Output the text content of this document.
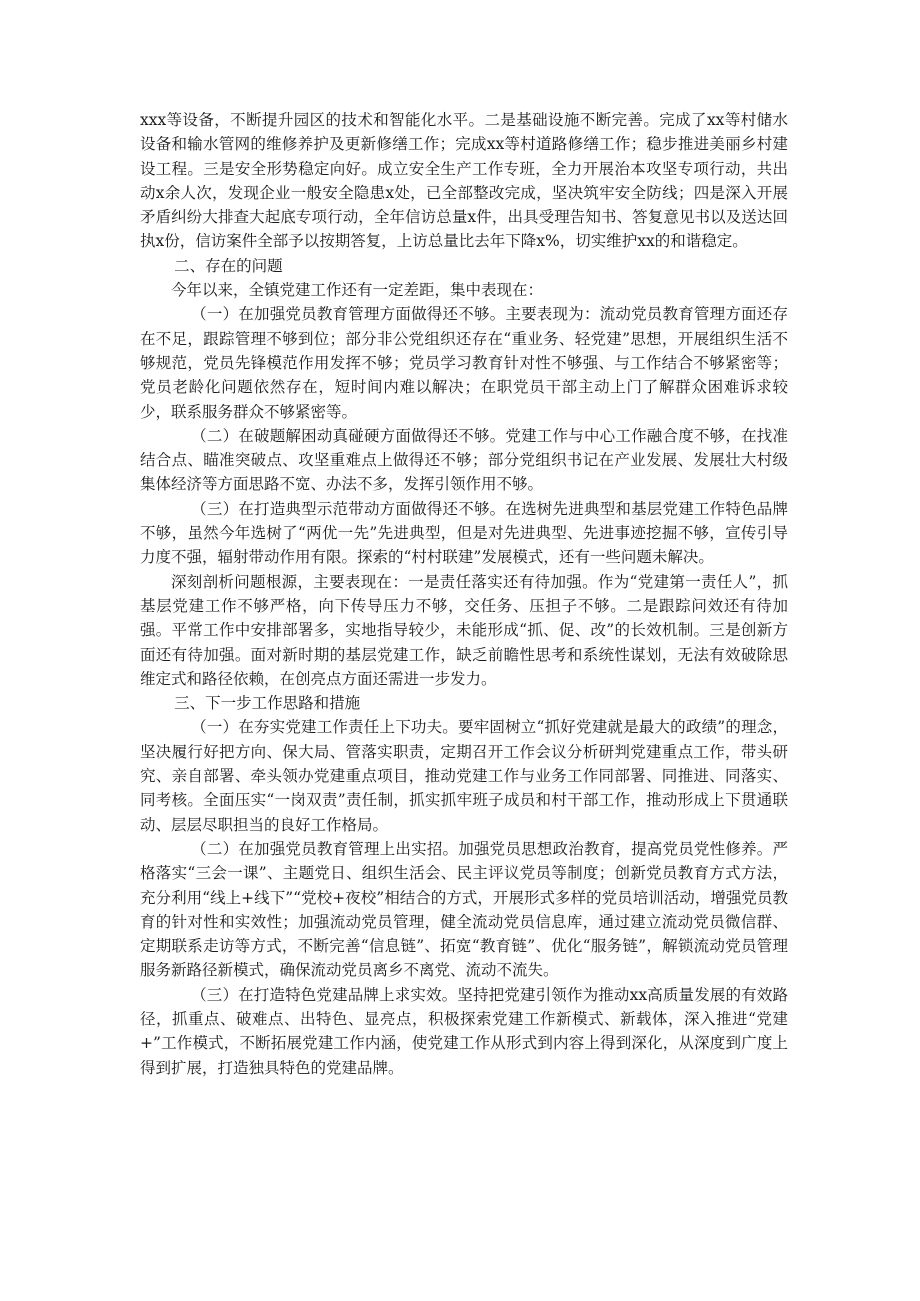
xxx等设备，不断提升园区的技术和智能化水平。二是基础设施不断完善。完成了xx等村储水设备和输水管网的维修养护及更新修缮工作；完成xx等村道路修缮工作；稳步推进美丽乡村建设工程。三是安全形势稳定向好。成立安全生产工作专班，全力开展治本攻坚专项行动，共出动x余人次，发现企业一般安全隐患x处，已全部整改完成，坚决筑牢安全防线；四是深入开展矛盾纠纷大排查大起底专项行动，全年信访总量x件，出具受理告知书、答复意见书以及送达回执x份，信访案件全部予以按期答复，上访总量比去年下降x%，切实维护xx的和谐稳定。

二、存在的问题

今年以来，全镇党建工作还有一定差距，集中表现在：

（一）在加强党员教育管理方面做得还不够。主要表现为：流动党员教育管理方面还存在不足，跟踪管理不够到位；部分非公党组织还存在“重业务、轻党建”思想，开展组织生活不够规范，党员先锋模范作用发挥不够；党员学习教育针对性不够强、与工作结合不够紧密等；党员老龄化问题依然存在，短时间内难以解决；在职党员干部主动上门了解群众困难诉求较少，联系服务群众不够紧密等。

（二）在破题解困动真碰硬方面做得还不够。党建工作与中心工作融合度不够，在找准结合点、瞄准突破点、攻坚重难点上做得还不够；部分党组织书记在产业发展、发展壮大村级集体经济等方面思路不宽、办法不多，发挥引领作用不够。

（三）在打造典型示范带动方面做得还不够。在选树先进典型和基层党建工作特色品牌不够，虽然今年选树了“两优一先”先进典型，但是对先进典型、先进事迹挖掘不够，宣传引导力度不强，辐射带动作用有限。探索的“村村联建”发展模式，还有一些问题未解决。

深刻剖析问题根源，主要表现在：一是责任落实还有待加强。作为“党建第一责任人”，抓基层党建工作不够严格，向下传导压力不够，交任务、压担子不够。二是跟踪问效还有待加强。平常工作中安排部署多，实地指导较少，未能形成“抓、促、改”的长效机制。三是创新方面还有待加强。面对新时期的基层党建工作，缺乏前瞻性思考和系统性谋划，无法有效破除思维定式和路径依赖，在创亮点方面还需进一步发力。

三、下一步工作思路和措施

（一）在夯实党建工作责任上下功夫。要牢固树立“抓好党建就是最大的政绩”的理念，坚决履行好把方向、保大局、管落实职责，定期召开工作会议分析研判党建重点工作，带头研究、亲自部署、牵头领办党建重点项目，推动党建工作与业务工作同部署、同推进、同落实、同考核。全面压实“一岗双责”责任制，抓实抓牢班子成员和村干部工作，推动形成上下贯通联动、层层尽职担当的良好工作格局。

（二）在加强党员教育管理上出实招。加强党员思想政治教育，提高党员党性修养。严格落实“三会一课”、主题党日、组织生活会、民主评议党员等制度；创新党员教育方式方法，充分利用“线上+线下”“党校+夜校”相结合的方式，开展形式多样的党员培训活动，增强党员教育的针对性和实效性；加强流动党员管理，健全流动党员信息库，通过建立流动党员微信群、定期联系走访等方式，不断完善“信息链”、拓宽“教育链”、优化“服务链”，解锁流动党员管理服务新路径新模式，确保流动党员离乡不离党、流动不流失。

（三）在打造特色党建品牌上求实效。坚持把党建引领作为推动xx高质量发展的有效路径，抓重点、破难点、出特色、显亮点，积极探索党建工作新模式、新载体，深入推进“党建+”工作模式，不断拓展党建工作内涵，使党建工作从形式到内容上得到深化，从深度到广度上得到扩展，打造独具特色的党建品牌。
